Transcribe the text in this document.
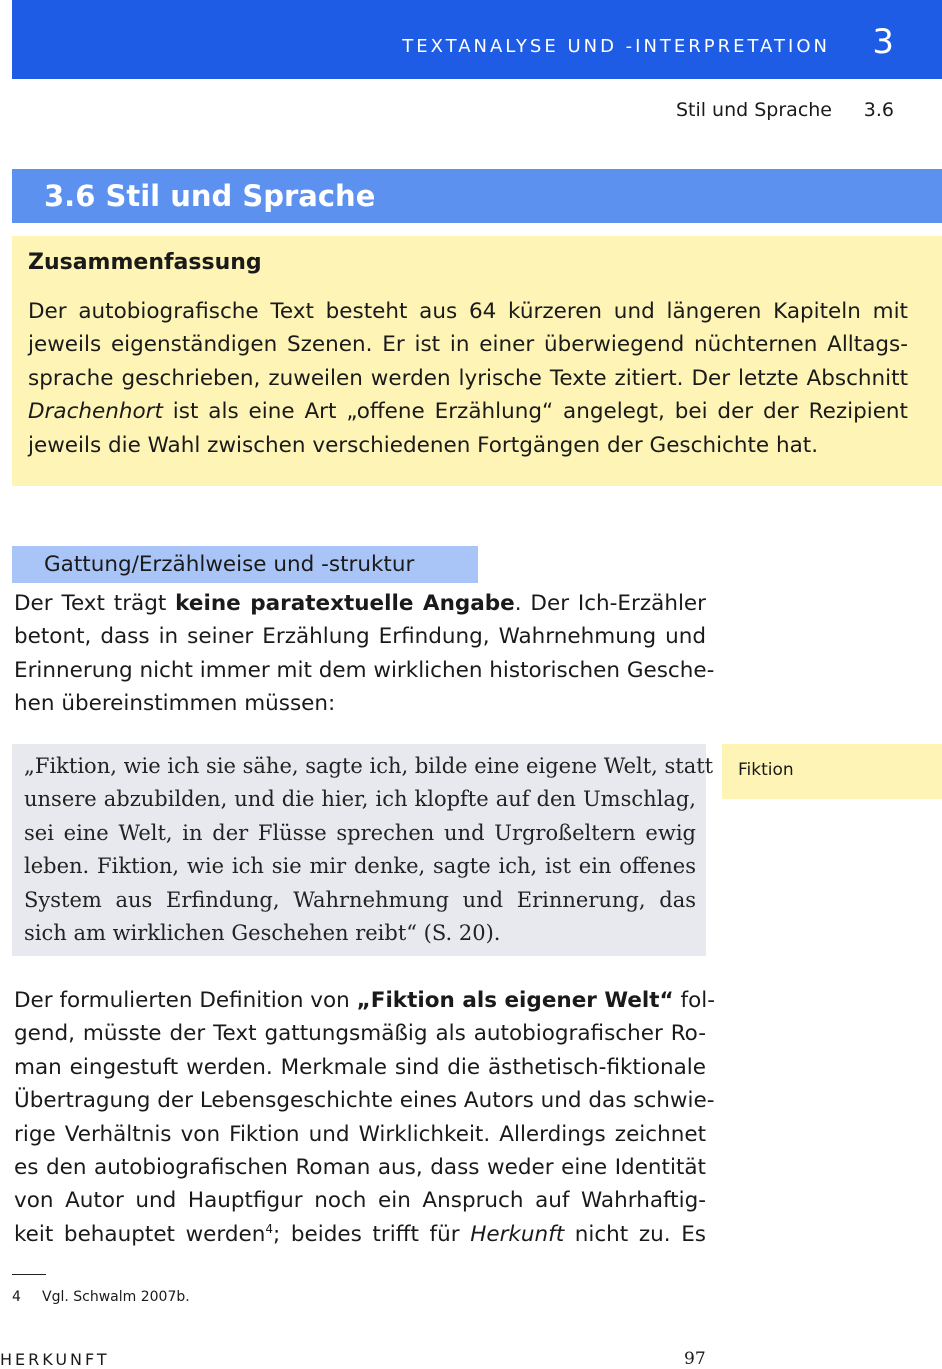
TEXTANALYSE UND -INTERPRETATION 3
Stil und Sprache 3.6
3.6 Stil und Sprache
Zusammenfassung
Der autobiografische Text besteht aus 64 kürzeren und längeren Kapiteln mit
jeweils eigenständigen Szenen. Er ist in einer überwiegend nüchternen Alltags-
sprache geschrieben, zuweilen werden lyrische Texte zitiert. Der letzte Abschnitt
Drachenhort ist als eine Art „offene Erzählung“ angelegt, bei der der Rezipient
jeweils die Wahl zwischen verschiedenen Fortgängen der Geschichte hat.
Gattung/Erzählweise und -struktur
Der Text trägt keine paratextuelle Angabe. Der Ich-Erzähler
betont, dass in seiner Erzählung Erfindung, Wahrnehmung und
Erinnerung nicht immer mit dem wirklichen historischen Gesche-
hen übereinstimmen müssen:
„Fiktion, wie ich sie sähe, sagte ich, bilde eine eigene Welt, statt
unsere abzubilden, und die hier, ich klopfte auf den Umschlag,
sei eine Welt, in der Flüsse sprechen und Urgroßeltern ewig
leben. Fiktion, wie ich sie mir denke, sagte ich, ist ein offenes
System aus Erfindung, Wahrnehmung und Erinnerung, das
sich am wirklichen Geschehen reibt“ (S. 20).
Fiktion
Der formulierten Definition von „Fiktion als eigener Welt“ fol-
gend, müsste der Text gattungsmäßig als autobiografischer Ro-
man eingestuft werden. Merkmale sind die ästhetisch-fiktionale
Übertragung der Lebensgeschichte eines Autors und das schwie-
rige Verhältnis von Fiktion und Wirklichkeit. Allerdings zeichnet
es den autobiografischen Roman aus, dass weder eine Identität
von Autor und Hauptfigur noch ein Anspruch auf Wahrhaftig-
keit behauptet werden$^4$; beides trifft für Herkunft nicht zu. Es
4 Vgl. Schwalm 2007b.
HERKUNFT	97
